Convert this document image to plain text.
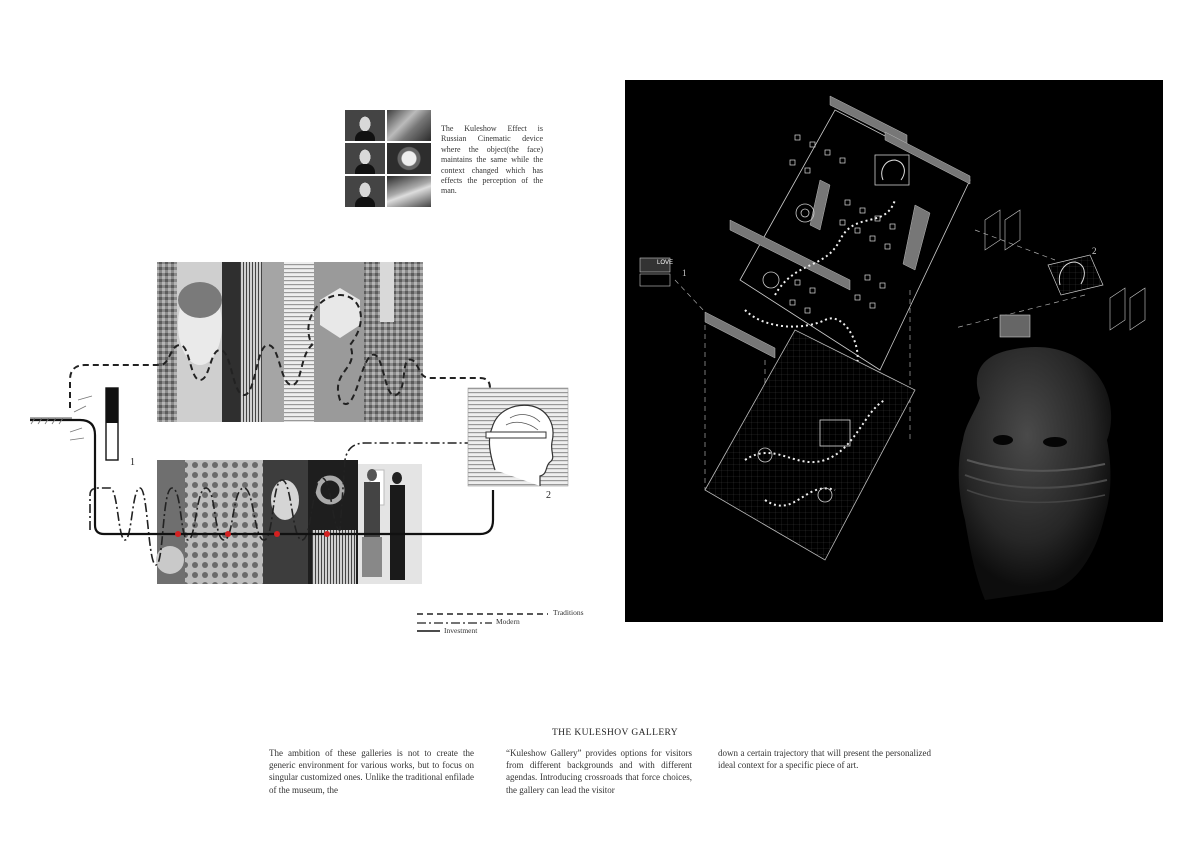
The Kuleshow Effect is Russian Cinematic device where the object(the face) maintains the same while the context changed which has effects the perception of the man.
1
2
Traditions
Modern
Investment
LOVE
1
2
THE KULESHOV GALLERY
The ambition of these galleries is not to create the generic environment for various works, but to focus on singular customized ones. Unlike the traditional enfilade of the museum, the
“Kuleshow Gallery” provides options for visitors from different backgrounds and with different agendas. Introducing crossroads that force choices, the gallery can lead the visitor
down a certain trajectory that will present the personalized ideal context for a specific piece of art.
